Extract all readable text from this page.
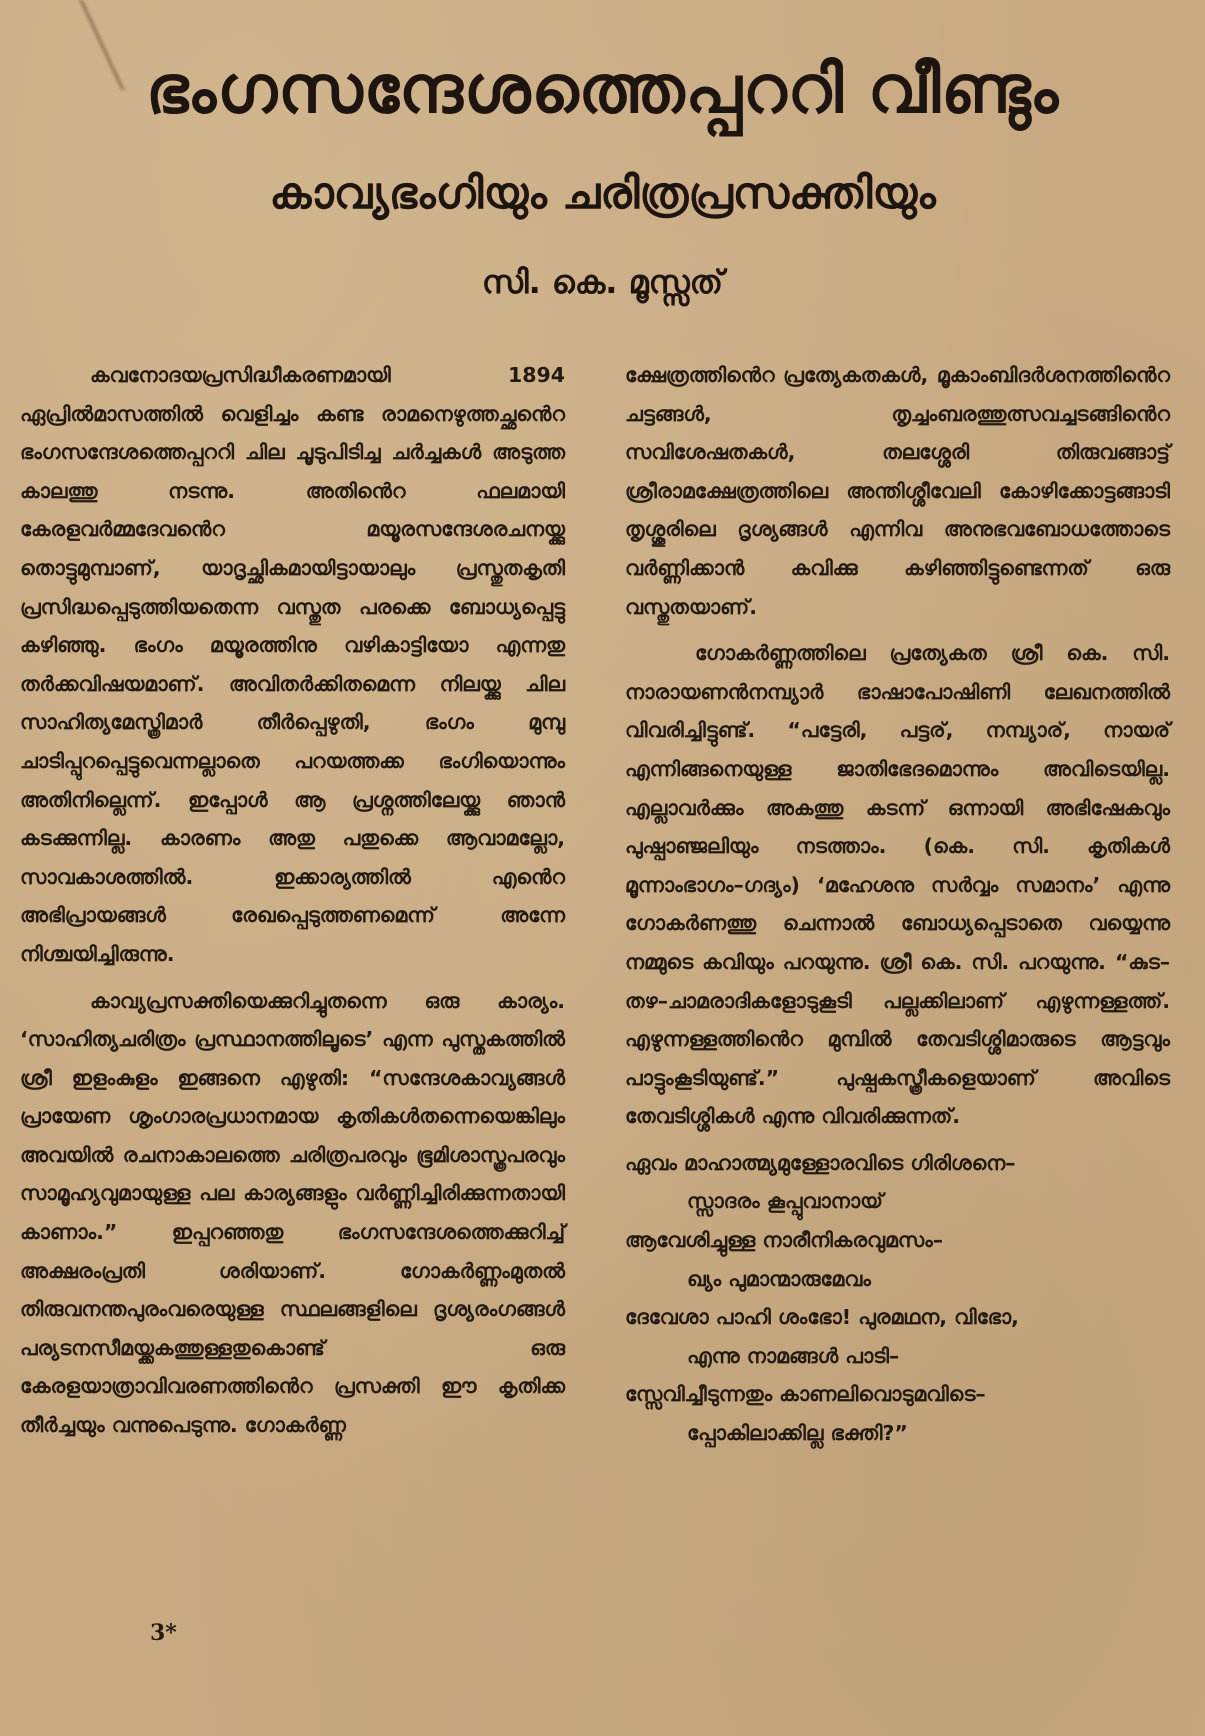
ഭംഗസന്ദേശത്തെപ്പററി വീണ്ടും
കാവ്യഭംഗിയും ചരിത്രപ്രസക്തിയും
സി. കെ. മൂസ്സത്

കവനോദയപ്രസിദ്ധീകരണമായി 1894 ഏപ്രിൽമാസത്തിൽ വെളിച്ചം കണ്ട രാമനെഴുത്തച്ഛൻെറ ഭംഗസന്ദേശത്തെപ്പററി ചില ചൂടുപിടിച്ച ചർച്ചകൾ അടുത്ത കാലത്തു നടന്നു. അതിൻെറ ഫലമായി കേരളവർമ്മദേവൻെറ മയൂരസന്ദേശരചനയ്ക്കു തൊട്ടുമുമ്പാണ്, യാദൃച്ഛികമായിട്ടായാലും പ്രസ്തുതകൃതി പ്രസിദ്ധപ്പെടുത്തിയതെന്ന വസ്തുത പരക്കെ ബോധ്യപ്പെട്ടു കഴിഞ്ഞു. ഭംഗം മയൂരത്തിനു വഴികാട്ടിയോ എന്നതു തർക്കവിഷയമാണ്. അവിതർക്കിതമെന്ന നിലയ്ക്കു ചില സാഹിത്യമേസ്ത്രിമാർ തീർപ്പെഴുതി, ഭംഗം മുമ്പു ചാടിപ്പുറപ്പെട്ടുവെന്നല്ലാതെ പറയത്തക്ക ഭംഗിയൊന്നും അതിനില്ലെന്ന്. ഇപ്പോൾ ആ പ്രശ്നത്തിലേയ്ക്കു ഞാൻ കടക്കുന്നില്ല. കാരണം അതു പതുക്കെ ആവാമല്ലോ, സാവകാശത്തിൽ. ഇക്കാര്യത്തിൽ എൻെറ അഭിപ്രായങ്ങൾ രേഖപ്പെടുത്തണമെന്ന് അന്നേ നിശ്ചയിച്ചിരുന്നു.

കാവ്യപ്രസക്തിയെക്കുറിച്ചുതന്നെ ഒരു കാര്യം. ‘സാഹിത്യചരിത്രം പ്രസ്ഥാനത്തിലൂടെ’ എന്ന പുസ്തകത്തിൽ ശ്രീ ഇളംകുളം ഇങ്ങനെ എഴുതി: “സന്ദേശകാവ്യങ്ങൾ പ്രായേണ ശൃംഗാരപ്രധാനമായ കൃതികൾതന്നെയെങ്കിലും അവയിൽ രചനാകാലത്തെ ചരിത്രപരവും ഭൂമിശാസ്ത്രപരവും സാമൂഹ്യവുമായുള്ള പല കാര്യങ്ങളും വർണ്ണിച്ചിരിക്കുന്നതായി കാണാം.” ഇപ്പറഞ്ഞതു ഭംഗസന്ദേശത്തെക്കുറിച്ച് അക്ഷരംപ്രതി ശരിയാണ്. ഗോകർണ്ണംമുതൽ തിരുവനന്തപുരംവരെയുള്ള സ്ഥലങ്ങളിലെ ദൃശ്യരംഗങ്ങൾ പര്യടനസീമയ്ക്കകത്തുള്ളതുകൊണ്ട് ഒരു കേരളയാത്രാവിവരണത്തിൻെറ പ്രസക്തി ഈ കൃതിക്ക തീർച്ചയും വന്നുപെടുന്നു. ഗോകർണ്ണ

ക്ഷേത്രത്തിൻെറ പ്രത്യേകതകൾ, മൂകാംബിദർശനത്തിൻെറ ചട്ടങ്ങൾ, തൃച്ചംബരത്തുത്സവച്ചടങ്ങിൻെറ സവിശേഷതകൾ, തലശ്ശേരി തിരുവങ്ങാട്ട് ശ്രീരാമക്ഷേത്രത്തിലെ അന്തിശ്ശീവേലി കോഴിക്കോട്ടങ്ങാടി തൃശ്ശൂരിലെ ദൃശ്യങ്ങൾ എന്നിവ അനുഭവബോധത്തോടെ വർണ്ണിക്കാൻ കവിക്കു കഴിഞ്ഞിട്ടുണ്ടെന്നത് ഒരു വസ്തുതയാണ്.

ഗോകർണ്ണത്തിലെ പ്രത്യേകത ശ്രീ കെ. സി. നാരായണൻനമ്പ്യാർ ഭാഷാപോഷിണി ലേഖനത്തിൽ വിവരിച്ചിട്ടുണ്ട്. “പട്ടേരി, പട്ടര്, നമ്പ്യാര്, നായര് എന്നിങ്ങനെയുള്ള ജാതിഭേദമൊന്നും അവിടെയില്ല. എല്ലാവർക്കും അകത്തു കടന്ന് ഒന്നായി അഭിഷേകവും പുഷ്പാഞ്ജലിയും നടത്താം. (കെ. സി. കൃതികൾ മൂന്നാംഭാഗം–ഗദ്യം) ‘മഹേശനു സർവ്വം സമാനം’ എന്നു ഗോകർണത്തു ചെന്നാൽ ബോധ്യപ്പെടാതെ വയ്യെന്നു നമ്മുടെ കവിയും പറയുന്നു. ശ്രീ കെ. സി. പറയുന്നു. “കുട–തഴ–ചാമരാദികളോടുകൂടി പല്ലക്കിലാണ് എഴുന്നള്ളത്ത്. എഴുന്നള്ളത്തിൻെറ മുമ്പിൽ തേവടിശ്ശിമാരുടെ ആട്ടവും പാട്ടുംകൂടിയുണ്ട്.” പുഷ്പകസ്ത്രീകളെയാണ് അവിടെ തേവടിശ്ശികൾ എന്നു വിവരിക്കുന്നത്.

ഏവം മാഹാത്മ്യമുള്ളോരവിടെ ഗിരിശനെ–
സ്സാദരം കൂപ്പുവാനായ്
ആവേശിച്ചുള്ള നാരീനികരവുമസം–
ഖ്യം പുമാന്മാരുമേവം
ദേവേശാ പാഹി ശംഭോ! പുരമഥന, വിഭോ,
എന്നു നാമങ്ങൾ പാടി–
സ്സേവിച്ചീടുന്നതും കാണലിവൊടുമവിടെ–
പ്പോകിലാക്കില്ല ഭക്തി?”
3*
